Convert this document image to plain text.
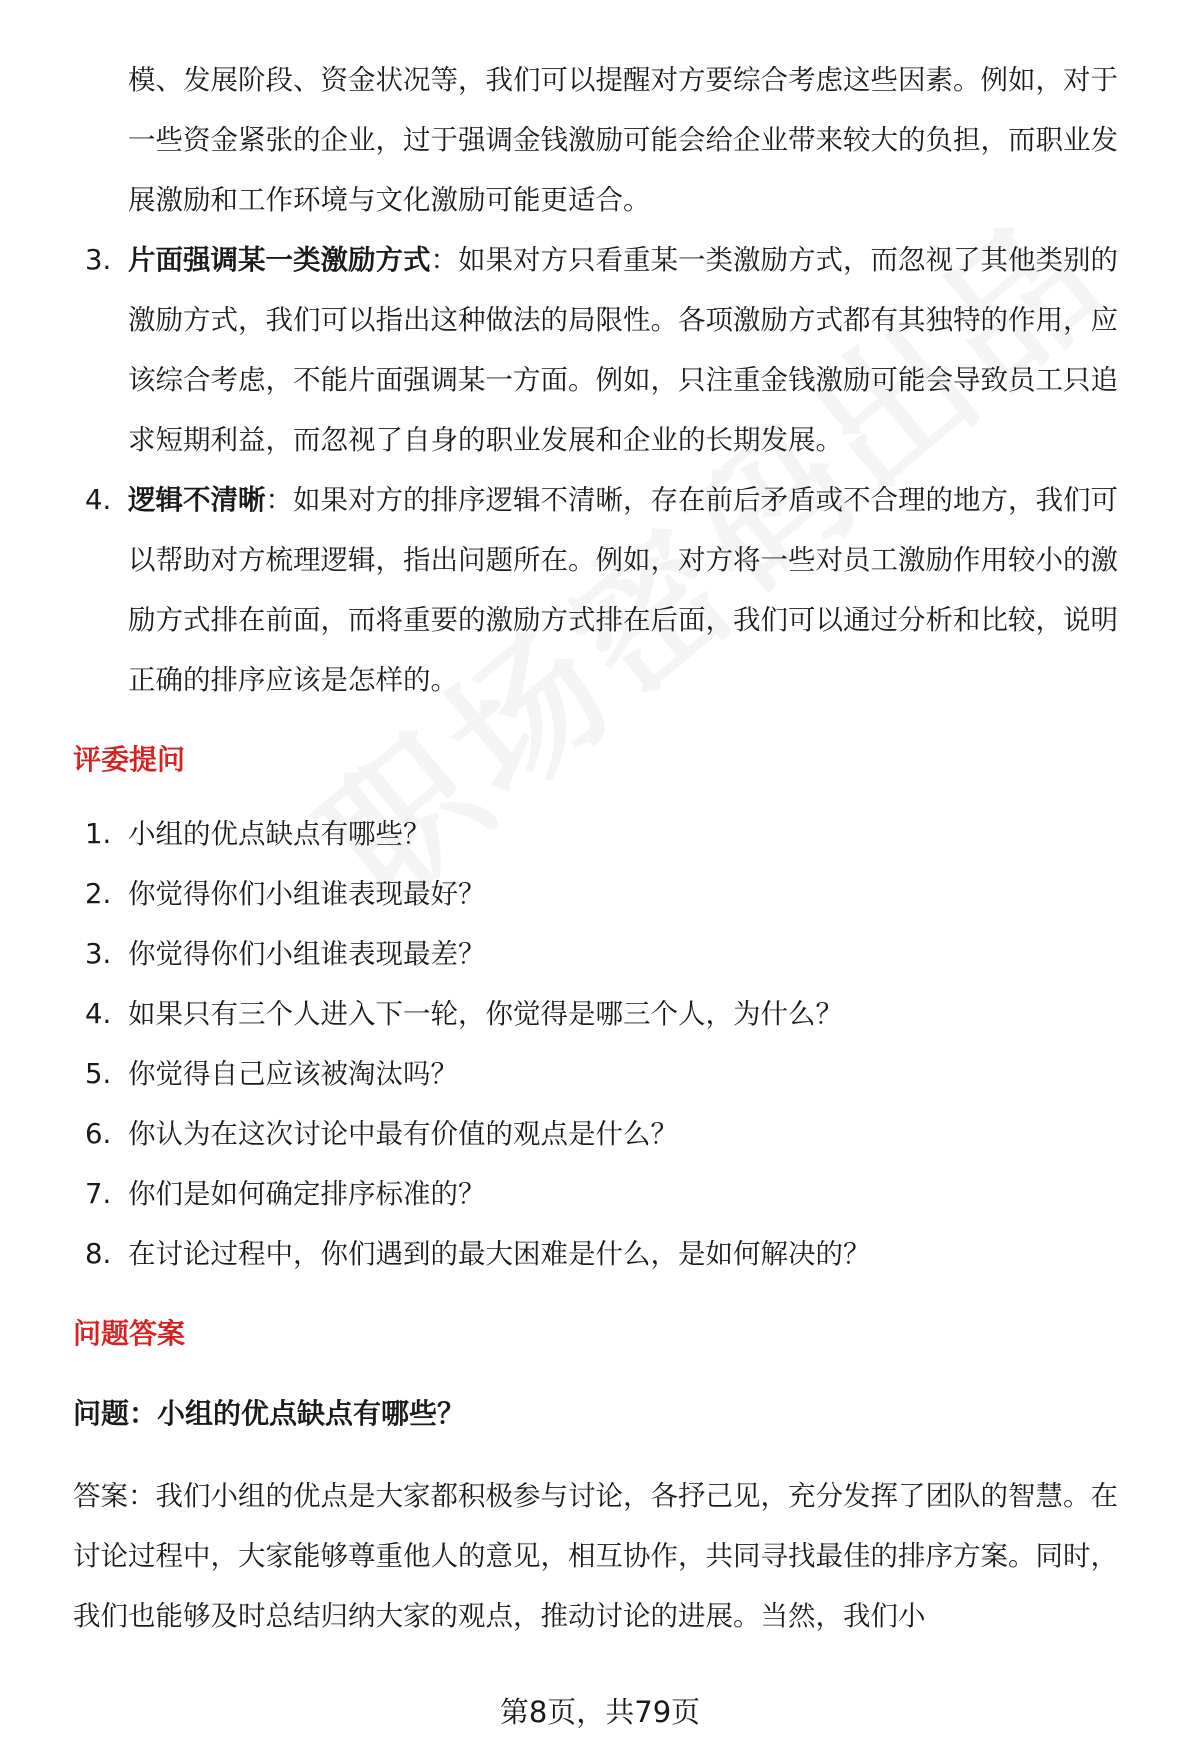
模、发展阶段、资金状况等，我们可以提醒对方要综合考虑这些因素。例如，对于一些资金紧张的企业，过于强调金钱激励可能会给企业带来较大的负担，而职业发展激励和工作环境与文化激励可能更适合。
3. 片面强调某一类激励方式：如果对方只看重某一类激励方式，而忽视了其他类别的激励方式，我们可以指出这种做法的局限性。各项激励方式都有其独特的作用，应该综合考虑，不能片面强调某一方面。例如，只注重金钱激励可能会导致员工只追求短期利益，而忽视了自身的职业发展和企业的长期发展。
4. 逻辑不清晰：如果对方的排序逻辑不清晰，存在前后矛盾或不合理的地方，我们可以帮助对方梳理逻辑，指出问题所在。例如，对方将一些对员工激励作用较小的激励方式排在前面，而将重要的激励方式排在后面，我们可以通过分析和比较，说明正确的排序应该是怎样的。
评委提问
1. 小组的优点缺点有哪些？
2. 你觉得你们小组谁表现最好？
3. 你觉得你们小组谁表现最差？
4. 如果只有三个人进入下一轮，你觉得是哪三个人，为什么？
5. 你觉得自己应该被淘汰吗？
6. 你认为在这次讨论中最有价值的观点是什么？
7. 你们是如何确定排序标准的？
8. 在讨论过程中，你们遇到的最大困难是什么，是如何解决的？
问题答案
问题：小组的优点缺点有哪些？
答案：我们小组的优点是大家都积极参与讨论，各抒己见，充分发挥了团队的智慧。在讨论过程中，大家能够尊重他人的意见，相互协作，共同寻找最佳的排序方案。同时，我们也能够及时总结归纳大家的观点，推动讨论的进展。当然，我们小
第8页，共79页
